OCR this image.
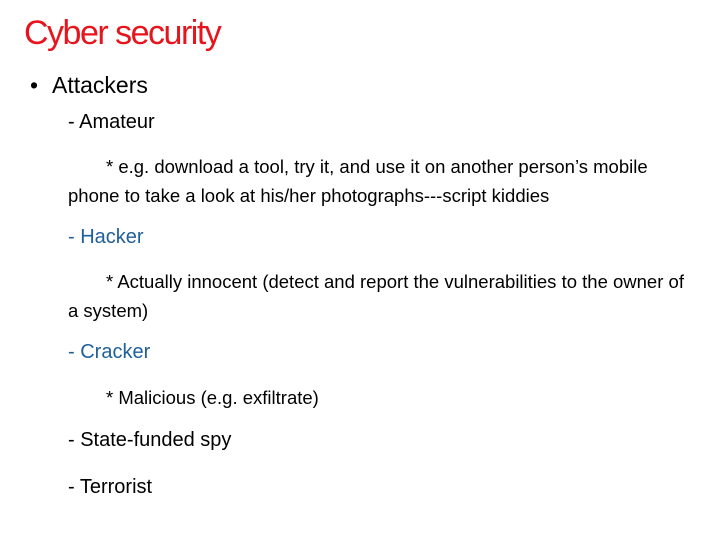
Cyber security
• Attackers
- Amateur
* e.g. download a tool, try it, and use it on another person’s mobile phone to take a look at his/her photographs---script kiddies
- Hacker
* Actually innocent (detect and report the vulnerabilities to the owner of a system)
- Cracker
* Malicious (e.g. exfiltrate)
- State-funded spy
- Terrorist
